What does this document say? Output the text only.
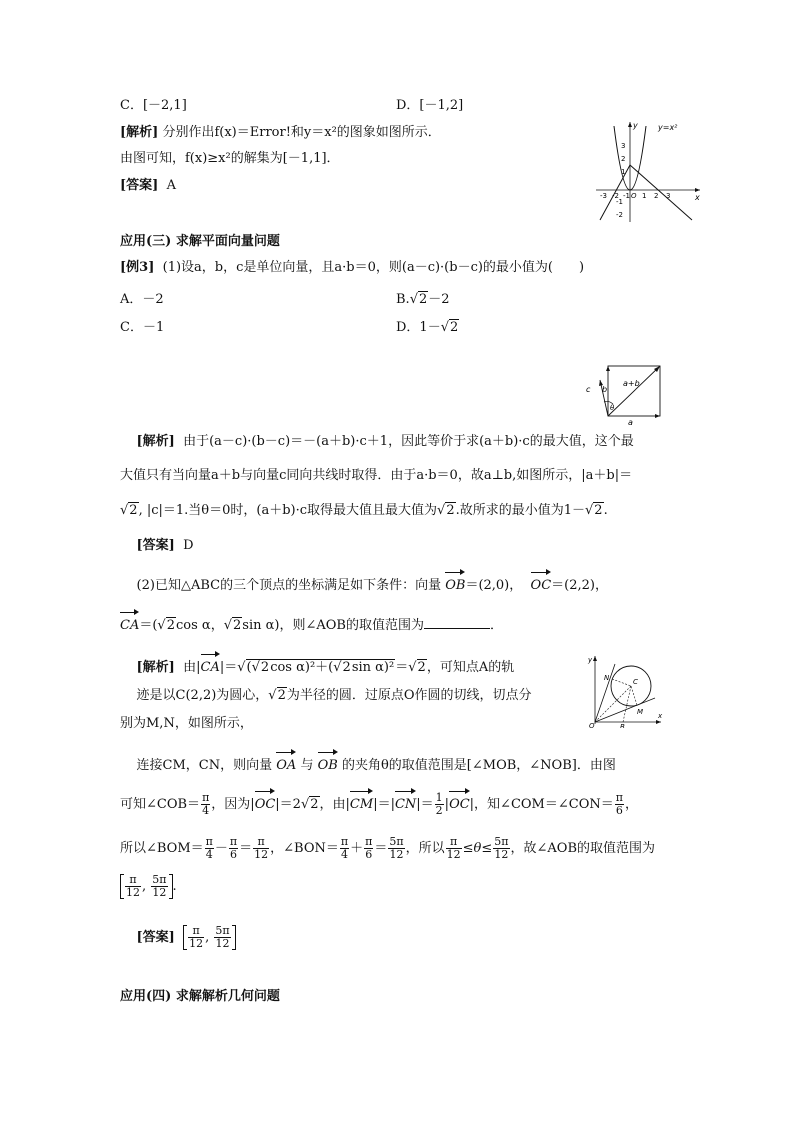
C．[－2,1]	D．[－1,2]
[解析] 分别作出f(x)＝Error!和y＝x²的图象如图所示．
由图可知，f(x)≥x²的解集为[－1,1]．
[答案] A
y=x²
y
x
O
-3 -2 -1 1 2 3
3
2
1
-1
-2
应用(三) 求解平面向量问题
[例3] (1)设a，b，c是单位向量，且a·b＝0，则(a－c)·(b－c)的最小值为(　　)
A．－2	B.√2－2
C．－1	D．1－√2
a
b
c
a+b
θ
[解析] 由于(a－c)·(b－c)＝－(a＋b)·c＋1，因此等价于求(a＋b)·c的最大值，这个最
大值只有当向量a＋b与向量c同向共线时取得．由于a·b＝0，故a⊥b,如图所示，|a＋b|＝
√2, |c|＝1.当θ＝0时，(a＋b)·c取得最大值且最大值为√2.故所求的最小值为1－√2.
[答案] D
(2)已知△ABC的三个顶点的坐标满足如下条件：向量 OB＝(2,0)， OC＝(2,2)，
CA＝(√2cos α，√2sin α)，则∠AOB的取值范围为	．
[解析] 由|CA|＝√(√2cos α)²＋(√2sin α)²＝√2，可知点A的轨
迹是以C(2,2)为圆心，√2为半径的圆．过原点O作圆的切线，切点分
别为M,N，如图所示，
y
x
O	B
C
N
M
连接CM，CN，则向量 OA 与 OB 的夹角θ的取值范围是[∠MOB，∠NOB]．由图
可知∠COB＝ $\frac{\pi}{4}$ ，因为|OC|＝2√2，由$|CM|=|CN|= \frac{1}{2} |OC|$，知∠COM＝∠CON＝ $\frac{\pi}{6}$ ，
所以∠BOM＝ $\frac{\pi}{4} - \frac{\pi}{6} = \frac{\pi}{12}$ ，∠BON＝ $\frac{\pi}{4} + \frac{\pi}{6} = \frac{5\pi}{12}$ ，所以 $\frac{\pi}{12} \le\theta\le \frac{5\pi}{12}$ ，故∠AOB的取值范围为
$\frac{\pi}{12}$ , $\frac{5\pi}{12}$ .
[答案] $\frac{\pi}{12}$ , $\frac{5\pi}{12}$
应用(四) 求解解析几何问题
